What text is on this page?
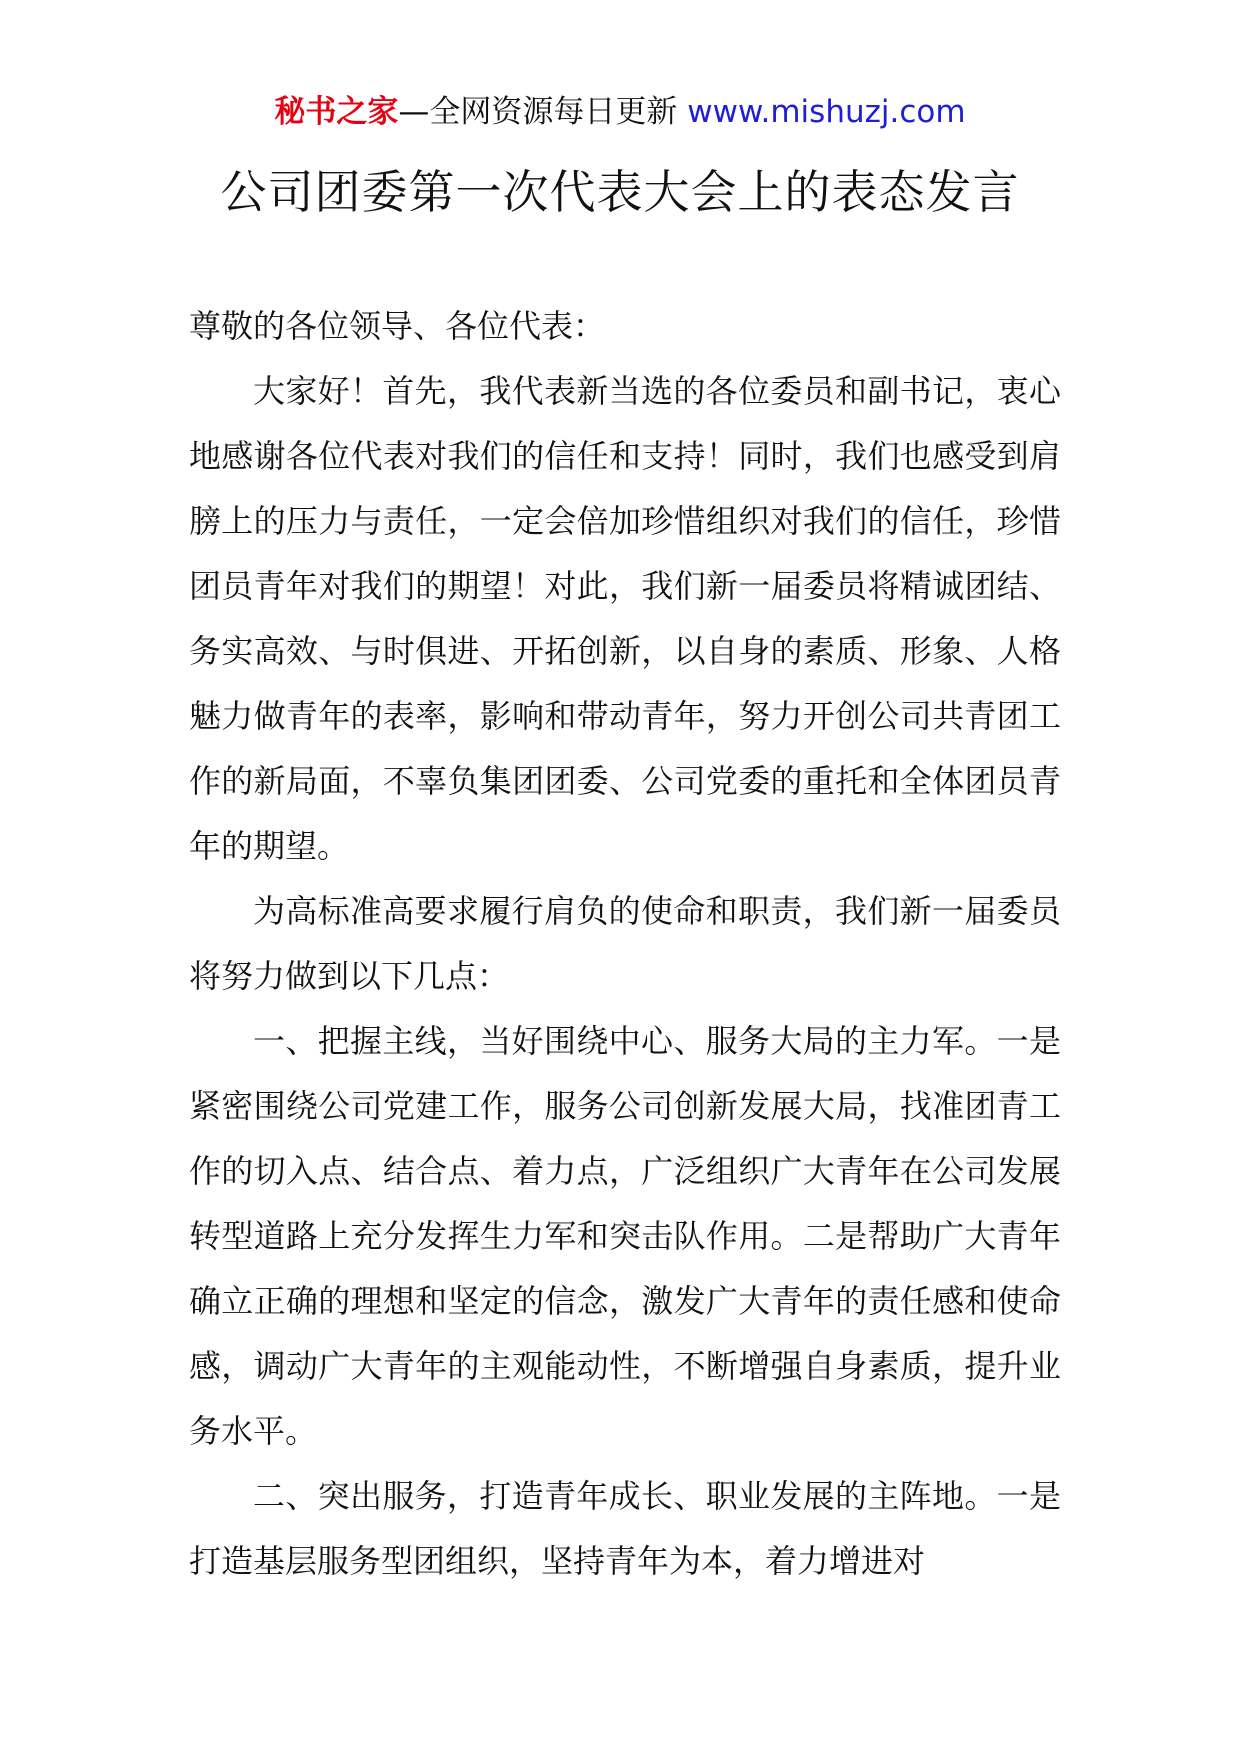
秘书之家—全网资源每日更新 www.mishuzj.com
公司团委第一次代表大会上的表态发言

尊敬的各位领导、各位代表：

大家好！首先，我代表新当选的各位委员和副书记，衷心地感谢各位代表对我们的信任和支持！同时，我们也感受到肩膀上的压力与责任，一定会倍加珍惜组织对我们的信任，珍惜团员青年对我们的期望！对此，我们新一届委员将精诚团结、务实高效、与时俱进、开拓创新，以自身的素质、形象、人格魅力做青年的表率，影响和带动青年，努力开创公司共青团工作的新局面，不辜负集团团委、公司党委的重托和全体团员青年的期望。

为高标准高要求履行肩负的使命和职责，我们新一届委员将努力做到以下几点：

一、把握主线，当好围绕中心、服务大局的主力军。一是紧密围绕公司党建工作，服务公司创新发展大局，找准团青工作的切入点、结合点、着力点，广泛组织广大青年在公司发展转型道路上充分发挥生力军和突击队作用。二是帮助广大青年确立正确的理想和坚定的信念，激发广大青年的责任感和使命感，调动广大青年的主观能动性，不断增强自身素质，提升业务水平。

二、突出服务，打造青年成长、职业发展的主阵地。一是打造基层服务型团组织，坚持青年为本，着力增进对
